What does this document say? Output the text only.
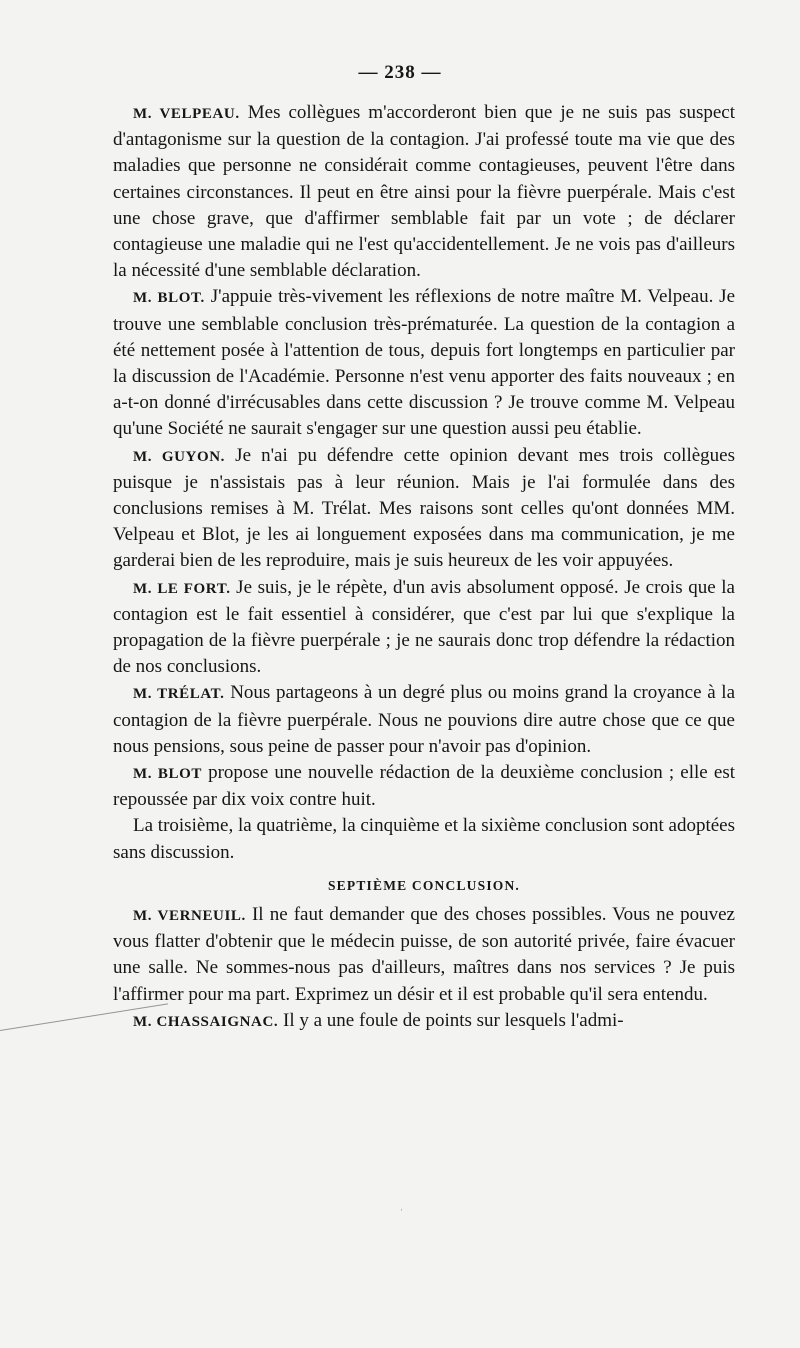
— 238 —

M. VELPEAU. Mes collègues m'accorderont bien que je ne suis pas suspect d'antagonisme sur la question de la contagion. J'ai professé toute ma vie que des maladies que personne ne considérait comme contagieuses, peuvent l'être dans certaines circonstances. Il peut en être ainsi pour la fièvre puerpérale. Mais c'est une chose grave, que d'affirmer semblable fait par un vote ; de déclarer contagieuse une maladie qui ne l'est qu'accidentellement. Je ne vois pas d'ailleurs la nécessité d'une semblable déclaration.

M. BLOT. J'appuie très-vivement les réflexions de notre maître M. Velpeau. Je trouve une semblable conclusion très-prématurée. La question de la contagion a été nettement posée à l'attention de tous, depuis fort longtemps en particulier par la discussion de l'Académie. Personne n'est venu apporter des faits nouveaux ; en a-t-on donné d'irrécusables dans cette discussion ? Je trouve comme M. Velpeau qu'une Société ne saurait s'engager sur une question aussi peu établie.

M. GUYON. Je n'ai pu défendre cette opinion devant mes trois collègues puisque je n'assistais pas à leur réunion. Mais je l'ai formulée dans des conclusions remises à M. Trélat. Mes raisons sont celles qu'ont données MM. Velpeau et Blot, je les ai longuement exposées dans ma communication, je me garderai bien de les reproduire, mais je suis heureux de les voir appuyées.

M. LE FORT. Je suis, je le répète, d'un avis absolument opposé. Je crois que la contagion est le fait essentiel à considérer, que c'est par lui que s'explique la propagation de la fièvre puerpérale ; je ne saurais donc trop défendre la rédaction de nos conclusions.

M. TRÉLAT. Nous partageons à un degré plus ou moins grand la croyance à la contagion de la fièvre puerpérale. Nous ne pouvions dire autre chose que ce que nous pensions, sous peine de passer pour n'avoir pas d'opinion.

M. BLOT propose une nouvelle rédaction de la deuxième conclusion ; elle est repoussée par dix voix contre huit.

La troisième, la quatrième, la cinquième et la sixième conclusion sont adoptées sans discussion.

SEPTIÈME CONCLUSION.

M. VERNEUIL. Il ne faut demander que des choses possibles. Vous ne pouvez vous flatter d'obtenir que le médecin puisse, de son autorité privée, faire évacuer une salle. Ne sommes-nous pas d'ailleurs, maîtres dans nos services ? Je puis l'affirmer pour ma part. Exprimez un désir et il est probable qu'il sera entendu.

M. CHASSAIGNAC. Il y a une foule de points sur lesquels l'admi-

ˌ
